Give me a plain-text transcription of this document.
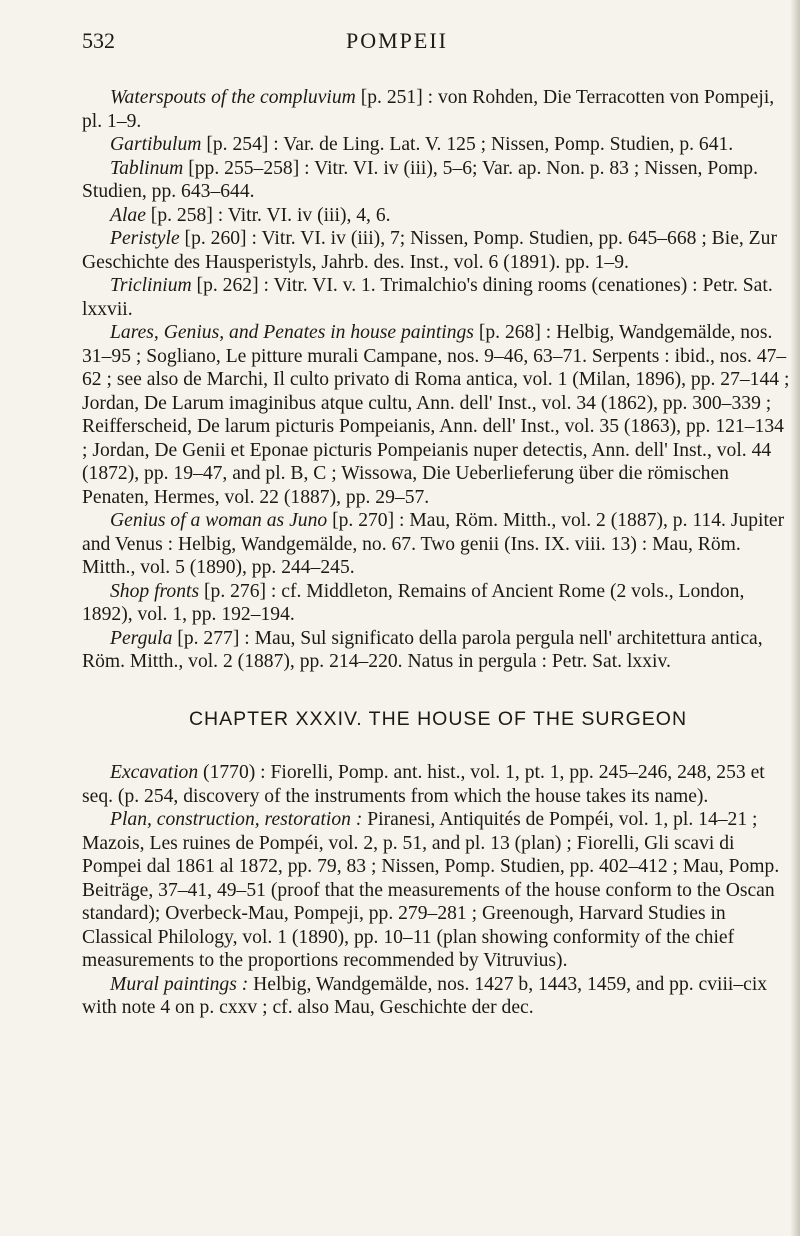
532	POMPEII

Waterspouts of the compluvium [p. 251] : von Rohden, Die Terracotten von Pompeji, pl. 1–9.

Gartibulum [p. 254] : Var. de Ling. Lat. V. 125 ; Nissen, Pomp. Studien, p. 641.

Tablinum [pp. 255–258] : Vitr. VI. iv (iii), 5–6; Var. ap. Non. p. 83 ; Nissen, Pomp. Studien, pp. 643–644.

Alae [p. 258] : Vitr. VI. iv (iii), 4, 6.

Peristyle [p. 260] : Vitr. VI. iv (iii), 7; Nissen, Pomp. Studien, pp. 645–668 ; Bie, Zur Geschichte des Hausperistyls, Jahrb. des. Inst., vol. 6 (1891). pp. 1–9.

Triclinium [p. 262] : Vitr. VI. v. 1. Trimalchio's dining rooms (cenationes) : Petr. Sat. lxxvii.

Lares, Genius, and Penates in house paintings [p. 268] : Helbig, Wandgemälde, nos. 31–95 ; Sogliano, Le pitture murali Campane, nos. 9–46, 63–71. Serpents : ibid., nos. 47–62 ; see also de Marchi, Il culto privato di Roma antica, vol. 1 (Milan, 1896), pp. 27–144 ; Jordan, De Larum imaginibus atque cultu, Ann. dell' Inst., vol. 34 (1862), pp. 300–339 ; Reifferscheid, De larum picturis Pompeianis, Ann. dell' Inst., vol. 35 (1863), pp. 121–134 ; Jordan, De Genii et Eponae picturis Pompeianis nuper detectis, Ann. dell' Inst., vol. 44 (1872), pp. 19–47, and pl. B, C ; Wissowa, Die Ueberlieferung über die römischen Penaten, Hermes, vol. 22 (1887), pp. 29–57.

Genius of a woman as Juno [p. 270] : Mau, Röm. Mitth., vol. 2 (1887), p. 114. Jupiter and Venus : Helbig, Wandgemälde, no. 67. Two genii (Ins. IX. viii. 13) : Mau, Röm. Mitth., vol. 5 (1890), pp. 244–245.

Shop fronts [p. 276] : cf. Middleton, Remains of Ancient Rome (2 vols., London, 1892), vol. 1, pp. 192–194.

Pergula [p. 277] : Mau, Sul significato della parola pergula nell' architettura antica, Röm. Mitth., vol. 2 (1887), pp. 214–220. Natus in pergula : Petr. Sat. lxxiv.

CHAPTER XXXIV. THE HOUSE OF THE SURGEON

Excavation (1770) : Fiorelli, Pomp. ant. hist., vol. 1, pt. 1, pp. 245–246, 248, 253 et seq. (p. 254, discovery of the instruments from which the house takes its name).

Plan, construction, restoration : Piranesi, Antiquités de Pompéi, vol. 1, pl. 14–21 ; Mazois, Les ruines de Pompéi, vol. 2, p. 51, and pl. 13 (plan) ; Fiorelli, Gli scavi di Pompei dal 1861 al 1872, pp. 79, 83 ; Nissen, Pomp. Studien, pp. 402–412 ; Mau, Pomp. Beiträge, 37–41, 49–51 (proof that the measurements of the house conform to the Oscan standard); Overbeck-Mau, Pompeji, pp. 279–281 ; Greenough, Harvard Studies in Classical Philology, vol. 1 (1890), pp. 10–11 (plan showing conformity of the chief measurements to the proportions recommended by Vitruvius).

Mural paintings : Helbig, Wandgemälde, nos. 1427 b, 1443, 1459, and pp. cviii–cix with note 4 on p. cxxv ; cf. also Mau, Geschichte der dec.
